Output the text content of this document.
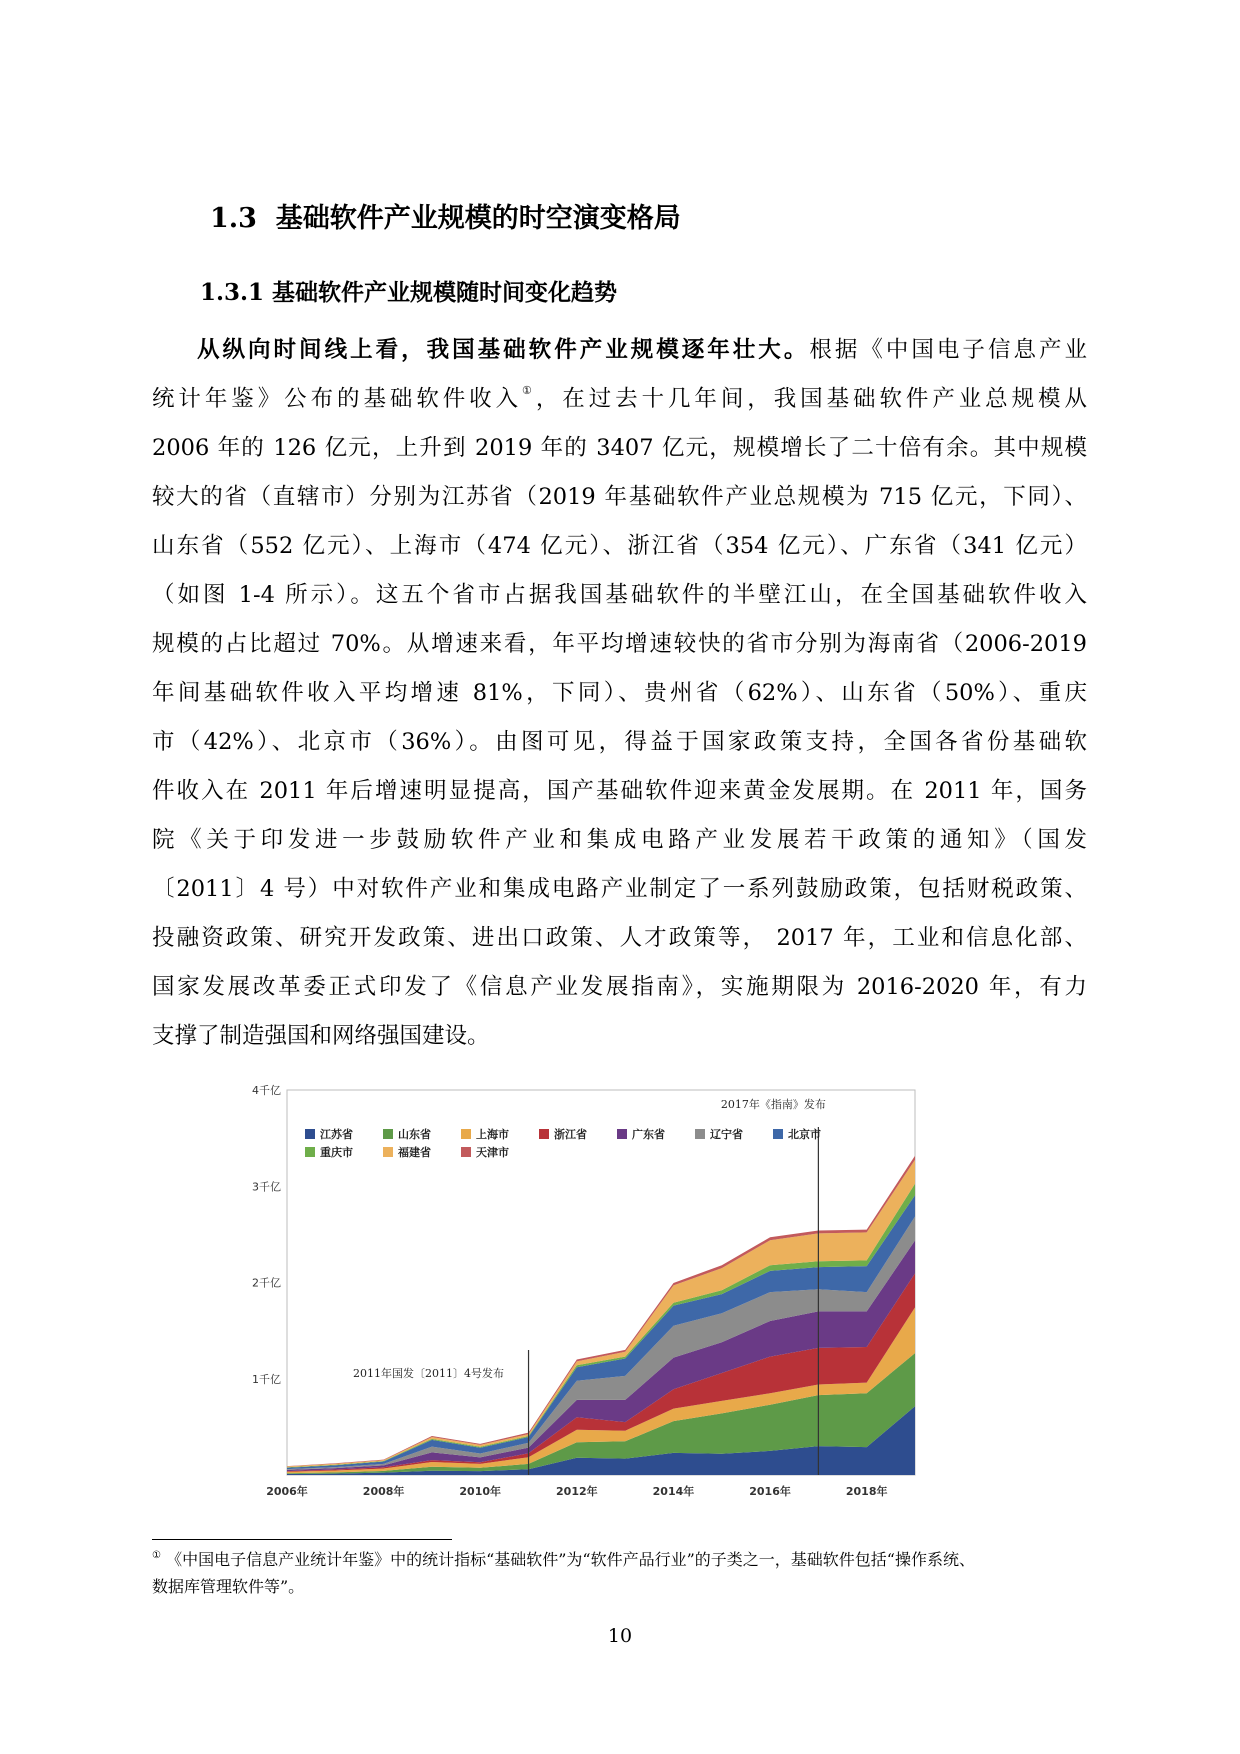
1.3 基础软件产业规模的时空演变格局
1.3.1 基础软件产业规模随时间变化趋势
从纵向时间线上看，我国基础软件产业规模逐年壮大。根据《中国电子信息产业
统计年鉴》公布的基础软件收入①，在过去十几年间，我国基础软件产业总规模从
2006 年的 126 亿元，上升到 2019 年的 3407 亿元，规模增长了二十倍有余。其中规模
较大的省（直辖市）分别为江苏省（2019 年基础软件产业总规模为 715 亿元，下同）、
山东省（552 亿元）、上海市（474 亿元）、浙江省（354 亿元）、广东省（341 亿元）
（如图 1-4 所示）。这五个省市占据我国基础软件的半壁江山，在全国基础软件收入
规模的占比超过 70%。从增速来看，年平均增速较快的省市分别为海南省（2006-2019
年间基础软件收入平均增速 81%，下同）、贵州省（62%）、山东省（50%）、重庆
市（42%）、北京市（36%）。由图可见，得益于国家政策支持，全国各省份基础软
件收入在 2011 年后增速明显提高，国产基础软件迎来黄金发展期。在 2011 年，国务
院《关于印发进一步鼓励软件产业和集成电路产业发展若干政策的通知》（国发
〔2011〕4 号）中对软件产业和集成电路产业制定了一系列鼓励政策，包括财税政策、
投融资政策、研究开发政策、进出口政策、人才政策等， 2017 年，工业和信息化部、
国家发展改革委正式印发了《信息产业发展指南》，实施期限为 2016-2020 年，有力
支撑了制造强国和网络强国建设。
2011年国发〔2011〕4号发布
2017年《指南》发布
1千亿
2千亿
3千亿
4千亿
2006年	2008年	2010年	2012年	2014年	2016年	2018年
江苏省	山东省	上海市	浙江省	广东省	辽宁省	北京市
重庆市	福建省	天津市
① 《中国电子信息产业统计年鉴》中的统计指标“基础软件”为“软件产品行业”的子类之一，基础软件包括“操作系统、
数据库管理软件等”。
10
